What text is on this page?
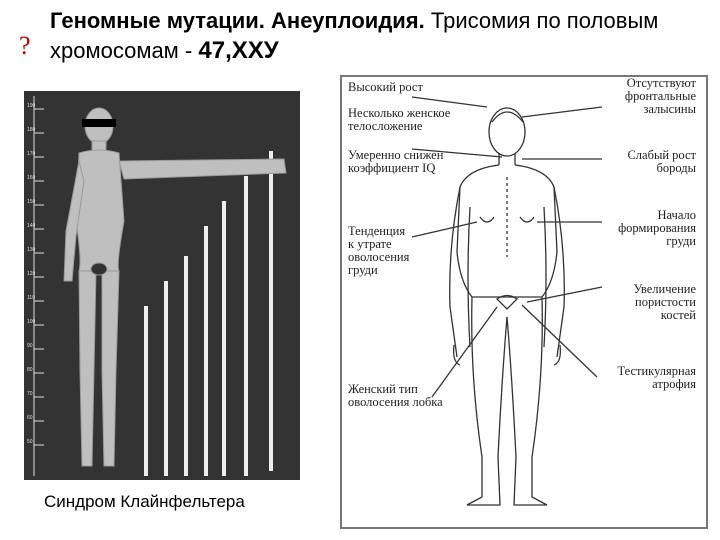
?
Геномные мутации. Анеуплоидия. Трисомия по половым хромосомам - 47,XXУ
190
180
170
160
150
140
130
120
110
100
90
80
70
60
50
Синдром Клайнфельтера
Высокий рост
Несколько женское
телосложение
Умеренно снижен
коэффициент IQ
Тенденция
к утрате
оволосения
груди
Женский тип
оволосения лобка
Отсутствуют
фронтальные
залысины
Слабый рост
бороды
Начало
формирования
груди
Увеличение
пористости
костей
Тестикулярная
атрофия
